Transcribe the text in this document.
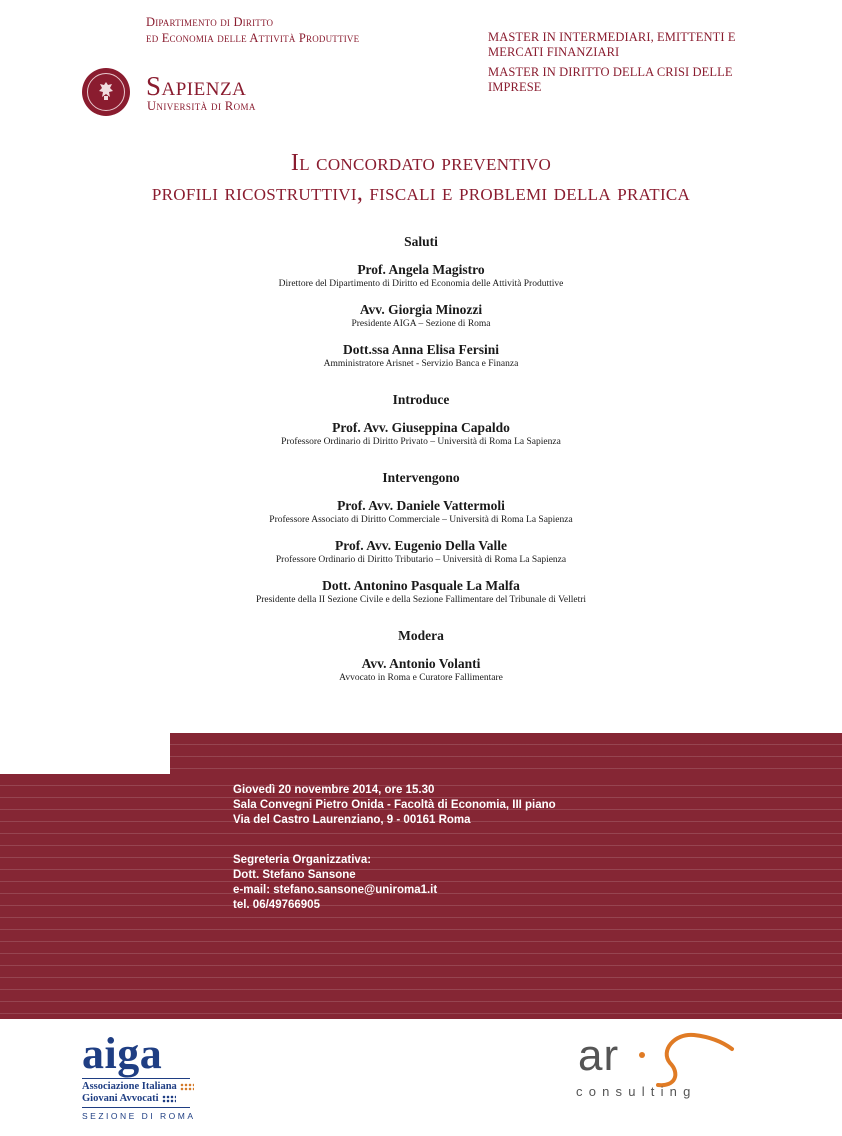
Dipartimento di Diritto
ed Economia delle Attività Produttive
Sapienza
Università di Roma
MASTER IN INTERMEDIARI, EMITTENTI E MERCATI FINANZIARI
MASTER IN DIRITTO DELLA CRISI DELLE IMPRESE
Il concordato preventivo
profili ricostruttivi, fiscali e problemi della pratica
Saluti
Prof. Angela Magistro
Direttore del Dipartimento di Diritto ed Economia delle Attività Produttive
Avv. Giorgia Minozzi
Presidente AIGA – Sezione di Roma
Dott.ssa Anna Elisa Fersini
Amministratore Arisnet - Servizio Banca e Finanza
Introduce
Prof. Avv. Giuseppina Capaldo
Professore Ordinario di Diritto Privato – Università di Roma La Sapienza
Intervengono
Prof. Avv. Daniele Vattermoli
Professore Associato di Diritto Commerciale – Università di Roma La Sapienza
Prof. Avv. Eugenio Della Valle
Professore Ordinario di Diritto Tributario – Università di Roma La Sapienza
Dott. Antonino Pasquale La Malfa
Presidente della II Sezione Civile e della Sezione Fallimentare del Tribunale di Velletri
Modera
Avv. Antonio Volanti
Avvocato in Roma e Curatore Fallimentare
Giovedì 20 novembre 2014, ore 15.30
Sala Convegni Pietro Onida - Facoltà di Economia, III piano
Via del Castro Laurenziano, 9 - 00161 Roma
Segreteria Organizzativa:
Dott. Stefano Sansone
e-mail: stefano.sansone@uniroma1.it
tel. 06/49766905
aiga
Associazione Italiana
Giovani Avvocati
SEZIONE DI ROMA
ar
consulting
